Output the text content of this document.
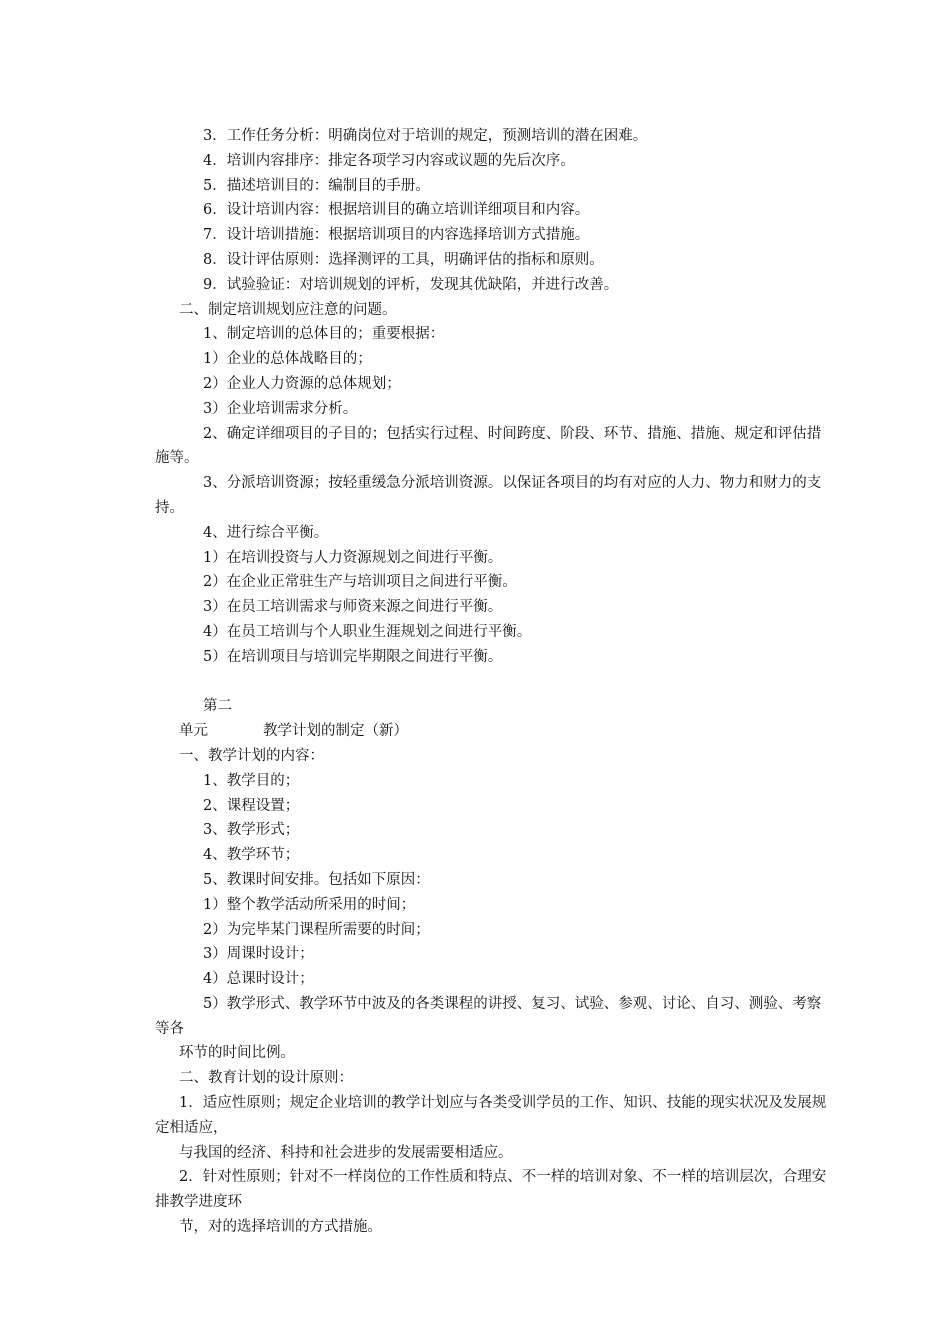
3．工作任务分析：明确岗位对于培训的规定，预测培训的潜在困难。

4．培训内容排序：排定各项学习内容或议题的先后次序。

5．描述培训目的：编制目的手册。

6．设计培训内容：根据培训目的确立培训详细项目和内容。

7．设计培训措施：根据培训项目的内容选择培训方式措施。

8．设计评估原则：选择测评的工具，明确评估的指标和原则。

9．试验验证：对培训规划的评析，发现其优缺陷，并进行改善。

二、制定培训规划应注意的问题。

1、制定培训的总体目的；重要根据：

1）企业的总体战略目的；

2）企业人力资源的总体规划；

3）企业培训需求分析。

2、确定详细项目的子目的；包括实行过程、时间跨度、阶段、环节、措施、措施、规定和评估措施等。

3、分派培训资源；按轻重缓急分派培训资源。以保证各项目的均有对应的人力、物力和财力的支持。

4、进行综合平衡。

1）在培训投资与人力资源规划之间进行平衡。

2）在企业正常驻生产与培训项目之间进行平衡。

3）在员工培训需求与师资来源之间进行平衡。

4）在员工培训与个人职业生涯规划之间进行平衡。

5）在培训项目与培训完毕期限之间进行平衡。

第二单元	教学计划的制定（新）

一、教学计划的内容：

1、教学目的；

2、课程设置；

3、教学形式；

4、教学环节；

5、教课时间安排。包括如下原因：

1）整个教学活动所采用的时间；

2）为完毕某门课程所需要的时间；

3）周课时设计；

4）总课时设计；

5）教学形式、教学环节中波及的各类课程的讲授、复习、试验、参观、讨论、自习、测验、考察等各

环节的时间比例。

二、教育计划的设计原则：

1．适应性原则；规定企业培训的教学计划应与各类受训学员的工作、知识、技能的现实状况及发展规定相适应，

与我国的经济、科持和社会进步的发展需要相适应。

2．针对性原则；针对不一样岗位的工作性质和特点、不一样的培训对象、不一样的培训层次，合理安排教学进度环

节，对的选择培训的方式措施。
